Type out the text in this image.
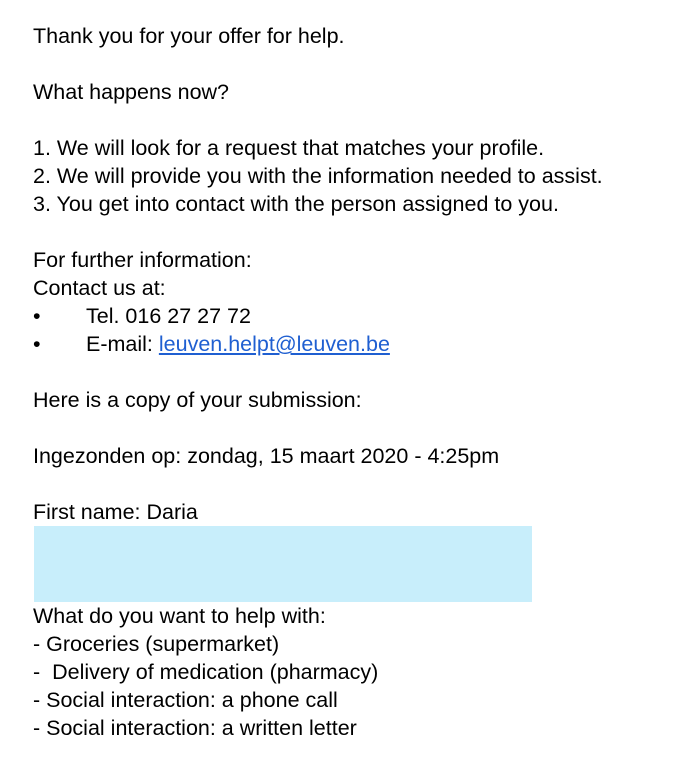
Thank you for your offer for help.
What happens now?
1. We will look for a request that matches your profile.
2. We will provide you with the information needed to assist.
3. You get into contact with the person assigned to you.
For further information:
Contact us at:
•	Tel. 016 27 27 72
•	E-mail: leuven.helpt@leuven.be
Here is a copy of your submission:
Ingezonden op: zondag, 15 maart 2020 - 4:25pm
First name: Daria
What do you want to help with:
- Groceries (supermarket)
-  Delivery of medication (pharmacy)
- Social interaction: a phone call
- Social interaction: a written letter
